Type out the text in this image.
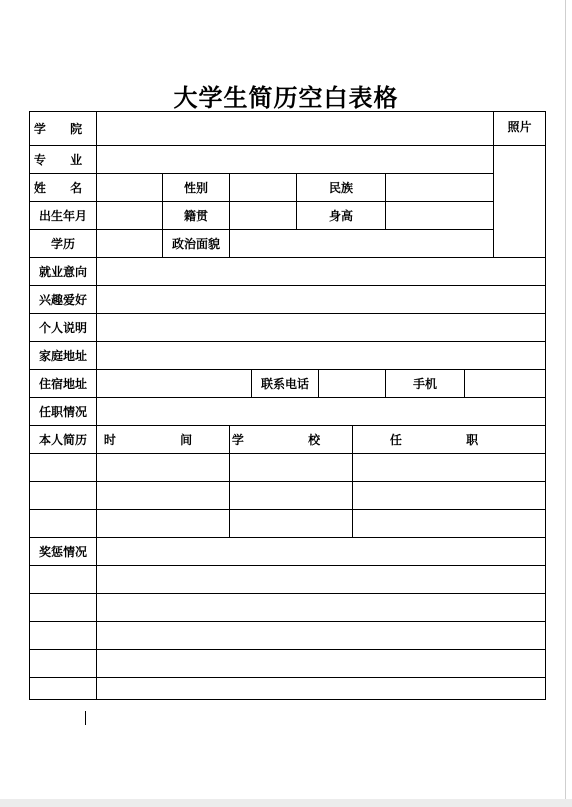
大学生简历空白表格
学 院										照片
专 业										
姓 名		性别			民族					
出生年月		籍贯			身高					
学历		政治面貌								
就业意向										
兴趣爱好										
个人说明										
家庭地址										
住宿地址				联系电话				手机		
任职情况										
本人简历	时 间		学 校				任 职			

奖惩情况										
